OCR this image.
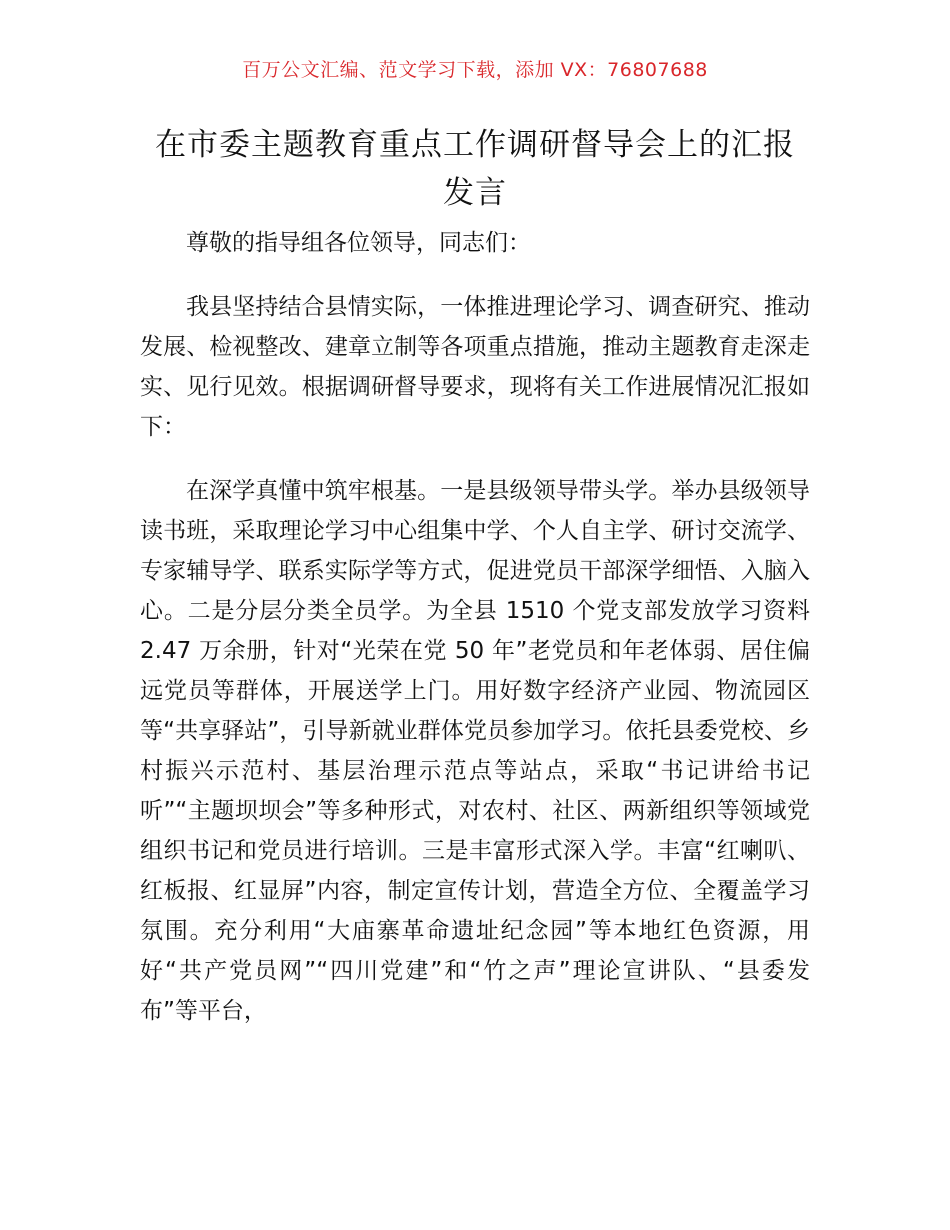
百万公文汇编、范文学习下载，添加 VX：76807688
在市委主题教育重点工作调研督导会上的汇报
发言
尊敬的指导组各位领导，同志们：

我县坚持结合县情实际，一体推进理论学习、调查研究、推动发展、检视整改、建章立制等各项重点措施，推动主题教育走深走实、见行见效。根据调研督导要求，现将有关工作进展情况汇报如下：

在深学真懂中筑牢根基。一是县级领导带头学。举办县级领导读书班，采取理论学习中心组集中学、个人自主学、研讨交流学、专家辅导学、联系实际学等方式，促进党员干部深学细悟、入脑入心。二是分层分类全员学。为全县 1510 个党支部发放学习资料 2.47 万余册，针对“光荣在党 50 年”老党员和年老体弱、居住偏远党员等群体，开展送学上门。用好数字经济产业园、物流园区等“共享驿站”，引导新就业群体党员参加学习。依托县委党校、乡村振兴示范村、基层治理示范点等站点，采取“书记讲给书记听”“主题坝坝会”等多种形式，对农村、社区、两新组织等领域党组织书记和党员进行培训。三是丰富形式深入学。丰富“红喇叭、红板报、红显屏”内容，制定宣传计划，营造全方位、全覆盖学习氛围。充分利用“大庙寨革命遗址纪念园”等本地红色资源，用好“共产党员网”“四川党建”和“竹之声”理论宣讲队、“县委发布”等平台，
